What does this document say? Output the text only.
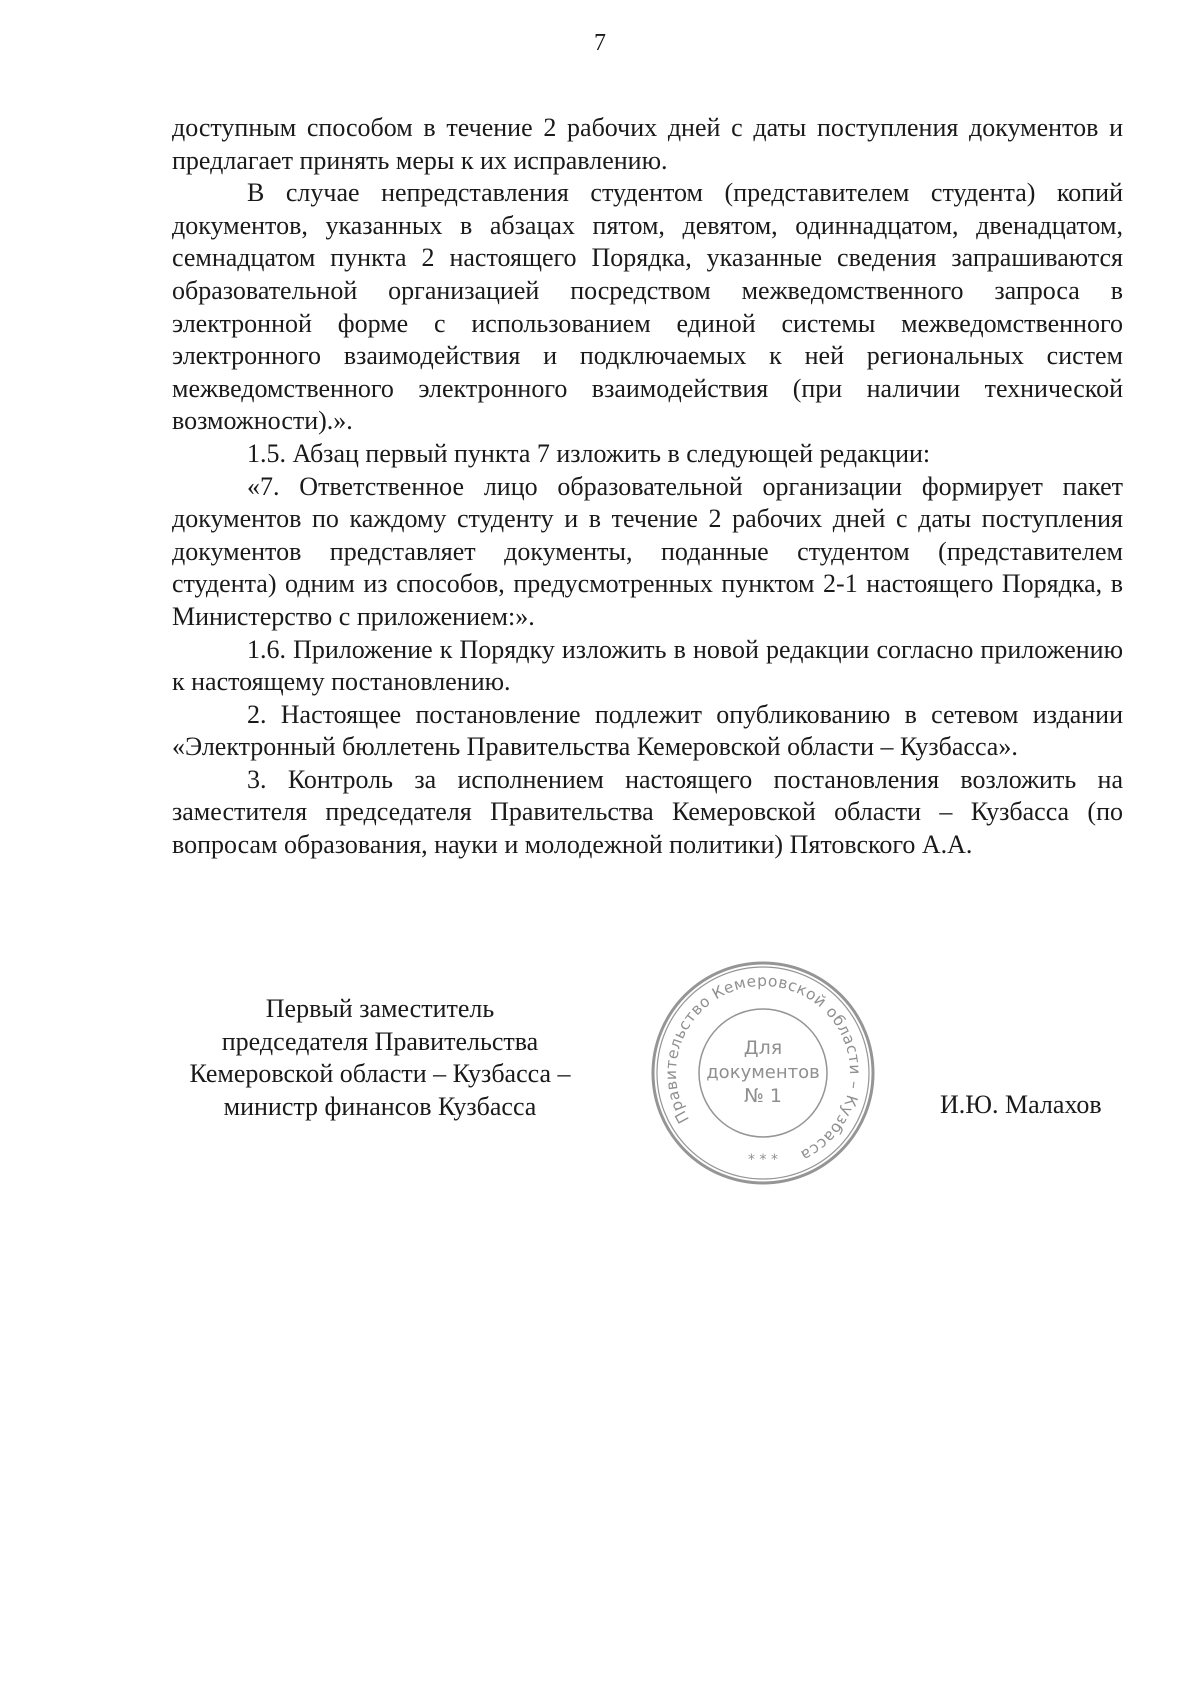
7

доступным способом в течение 2 рабочих дней с даты поступления документов и предлагает принять меры к их исправлению.

В случае непредставления студентом (представителем студента) копий документов, указанных в абзацах пятом, девятом, одиннадцатом, двенадцатом, семнадцатом пункта 2 настоящего Порядка, указанные сведения запрашиваются образовательной организацией посредством межведомственного запроса в электронной форме с использованием единой системы межведомственного электронного взаимодействия и подключаемых к ней региональных систем межведомственного электронного взаимодействия (при наличии технической возможности).».

1.5. Абзац первый пункта 7 изложить в следующей редакции:

«7. Ответственное лицо образовательной организации формирует пакет документов по каждому студенту и в течение 2 рабочих дней с даты поступления документов представляет документы, поданные студентом (представителем студента) одним из способов, предусмотренных пунктом 2-1 настоящего Порядка, в Министерство с приложением:».

1.6. Приложение к Порядку изложить в новой редакции согласно приложению к настоящему постановлению.

2. Настоящее постановление подлежит опубликованию в сетевом издании «Электронный бюллетень Правительства Кемеровской области – Кузбасса».

3. Контроль за исполнением настоящего постановления возложить на заместителя председателя Правительства Кемеровской области – Кузбасса (по вопросам образования, науки и молодежной политики) Пятовского А.А.

Первый заместитель
председателя Правительства
Кемеровской области – Кузбасса –
министр финансов Кузбасса	И.Ю. Малахов
Правительство Кемеровской области – Кузбасса
Для
документов
№ 1
* * *
